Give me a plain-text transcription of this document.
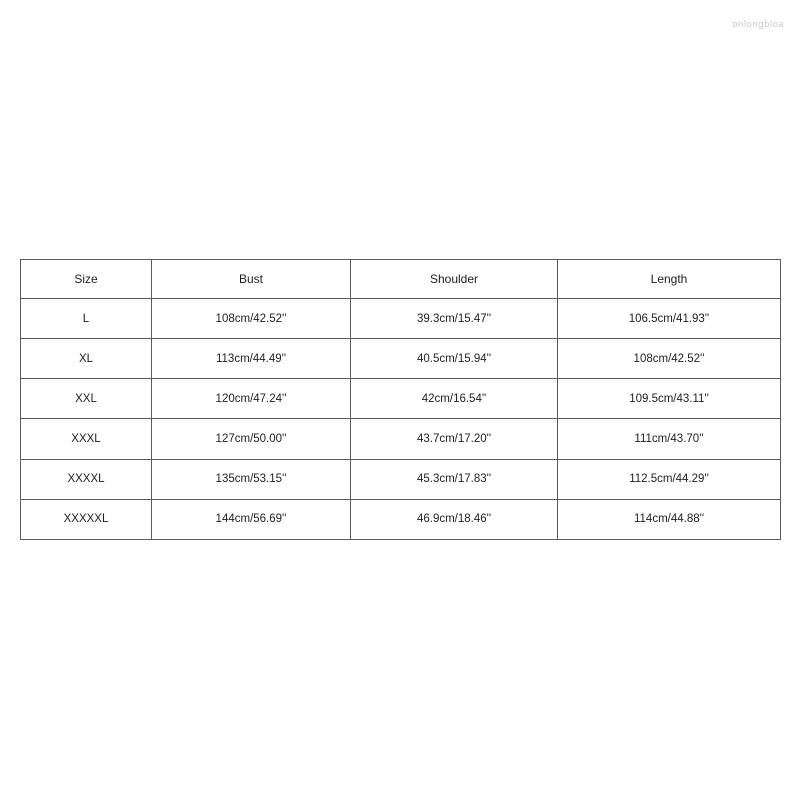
onlongbloa
Size	Bust	Shoulder	Length
L	108cm/42.52''	39.3cm/15.47''	106.5cm/41.93''
XL	113cm/44.49''	40.5cm/15.94''	108cm/42.52''
XXL	120cm/47.24''	42cm/16.54''	109.5cm/43.11''
XXXL	127cm/50.00''	43.7cm/17.20''	111cm/43.70''
XXXXL	135cm/53.15''	45.3cm/17.83''	112.5cm/44.29''
XXXXXL	144cm/56.69''	46.9cm/18.46''	114cm/44.88''
